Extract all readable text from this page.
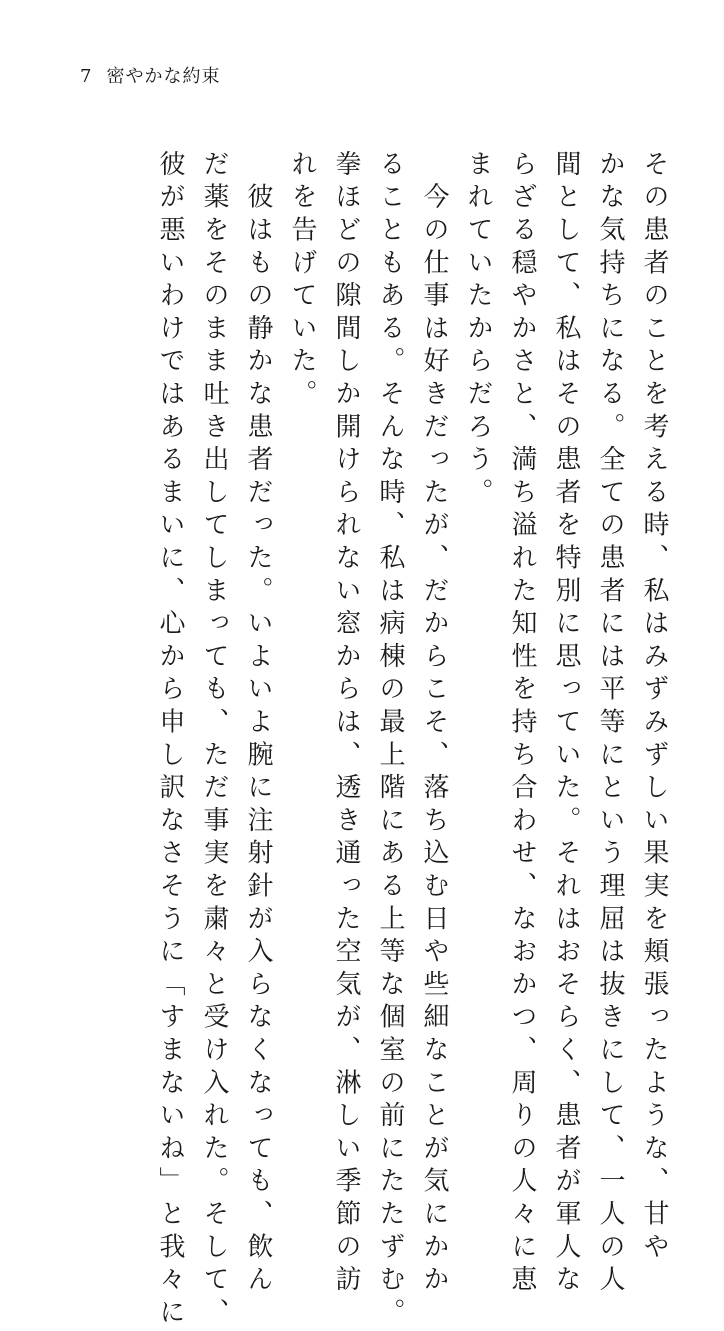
7 密やかな約束
その患者のことを考える時、私はみずみずしい果実を頬張ったような、甘や
かな気持ちになる。全ての患者には平等にという理屈は抜きにして、一人の人
間として、私はその患者を特別に思っていた。それはおそらく、患者が軍人な
らざる穏やかさと、満ち溢れた知性を持ち合わせ、なおかつ、周りの人々に恵
まれていたからだろう。
　今の仕事は好きだったが、だからこそ、落ち込む日や些細なことが気にかか
ることもある。そんな時、私は病棟の最上階にある上等な個室の前にたたずむ。
拳ほどの隙間しか開けられない窓からは、透き通った空気が、淋しい季節の訪
れを告げていた。
　彼はもの静かな患者だった。いよいよ腕に注射針が入らなくなっても、飲ん
だ薬をそのまま吐き出してしまっても、ただ事実を粛々と受け入れた。そして、
彼が悪いわけではあるまいに、心から申し訳なさそうに「すまないね」と我々に
